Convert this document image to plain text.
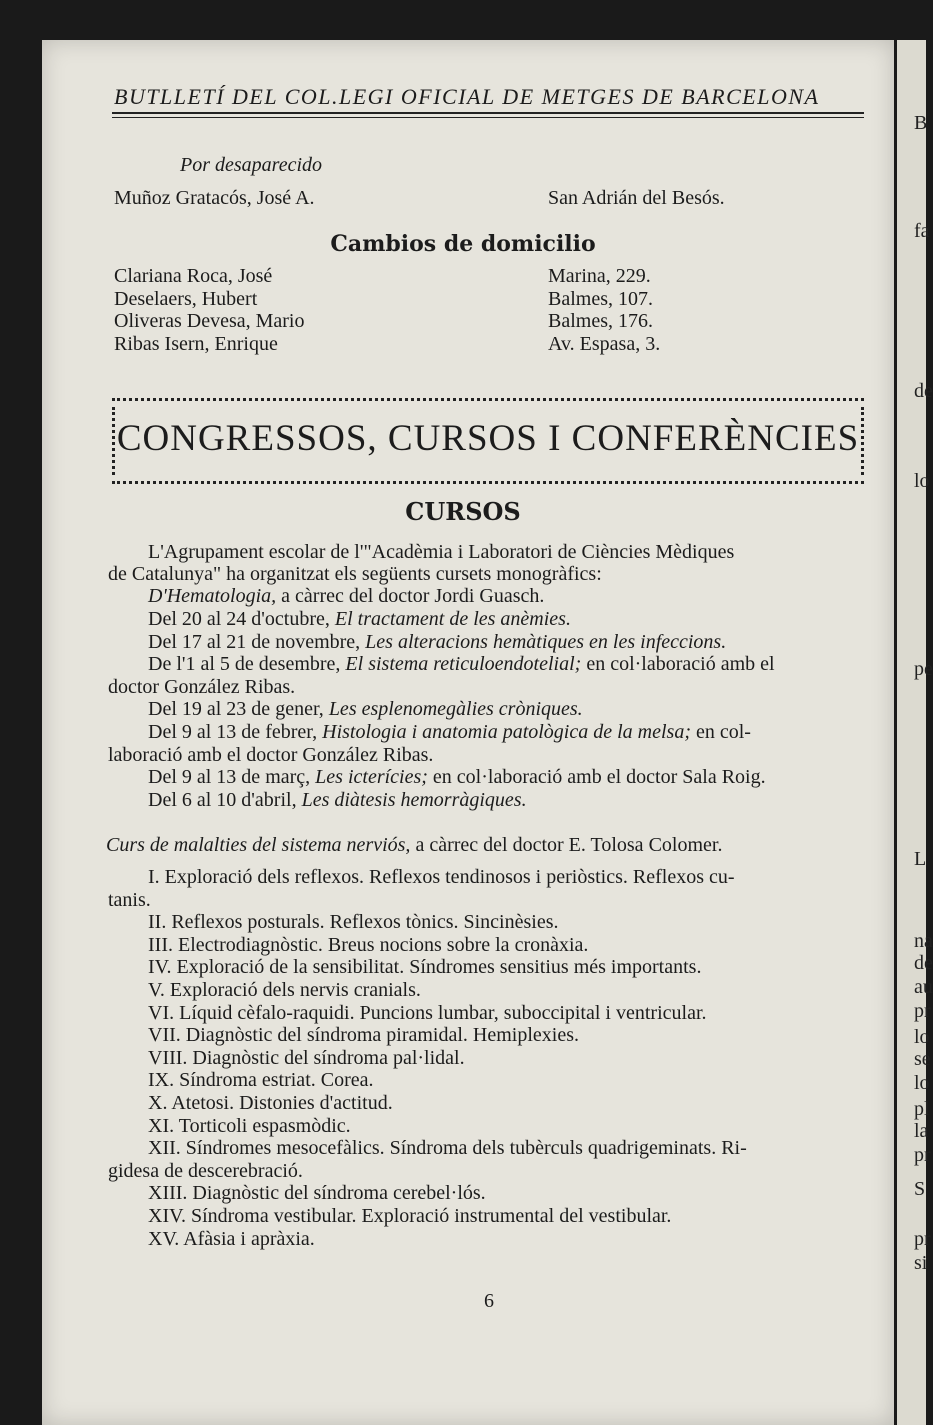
B
fa
de
lo
pe
L
na
de
au
pr
lo
se
lo
pl
la
pr
S
pr
si
BUTLLETÍ DEL COL.LEGI OFICIAL DE METGES DE BARCELONA
Por desaparecido
Muñoz Gratacós, José A.	San Adrián del Besós.
Cambios de domicilio
Clariana Roca, José	Marina, 229.
Deselaers, Hubert	Balmes, 107.
Oliveras Devesa, Mario	Balmes, 176.
Ribas Isern, Enrique	Av. Espasa, 3.
CONGRESSOS, CURSOS I CONFERÈNCIES
CURSOS
L'Agrupament escolar de l'"Acadèmia i Laboratori de Ciències Mèdiques
de Catalunya" ha organitzat els següents cursets monogràfics:
D'Hematologia, a càrrec del doctor Jordi Guasch.
Del 20 al 24 d'octubre, El tractament de les anèmies.
Del 17 al 21 de novembre, Les alteracions hemàtiques en les infeccions.
De l'1 al 5 de desembre, El sistema reticuloendotelial; en col·laboració amb el
doctor González Ribas.
Del 19 al 23 de gener, Les esplenomegàlies cròniques.
Del 9 al 13 de febrer, Histologia i anatomia patològica de la melsa; en col-
laboració amb el doctor González Ribas.
Del 9 al 13 de març, Les icterícies; en col·laboració amb el doctor Sala Roig.
Del 6 al 10 d'abril, Les diàtesis hemorràgiques.
Curs de malalties del sistema nerviós, a càrrec del doctor E. Tolosa Colomer.
I. Exploració dels reflexos. Reflexos tendinosos i periòstics. Reflexos cu-
tanis.
II. Reflexos posturals. Reflexos tònics. Sincinèsies.
III. Electrodiagnòstic. Breus nocions sobre la cronàxia.
IV. Exploració de la sensibilitat. Síndromes sensitius més importants.
V. Exploració dels nervis cranials.
VI. Líquid cèfalo-raquidi. Puncions lumbar, suboccipital i ventricular.
VII. Diagnòstic del síndroma piramidal. Hemiplexies.
VIII. Diagnòstic del síndroma pal·lidal.
IX. Síndroma estriat. Corea.
X. Atetosi. Distonies d'actitud.
XI. Torticoli espasmòdic.
XII. Síndromes mesocefàlics. Síndroma dels tubèrculs quadrigeminats. Ri-
gidesa de descerebració.
XIII. Diagnòstic del síndroma cerebel·lós.
XIV. Síndroma vestibular. Exploració instrumental del vestibular.
XV. Afàsia i apràxia.
6
